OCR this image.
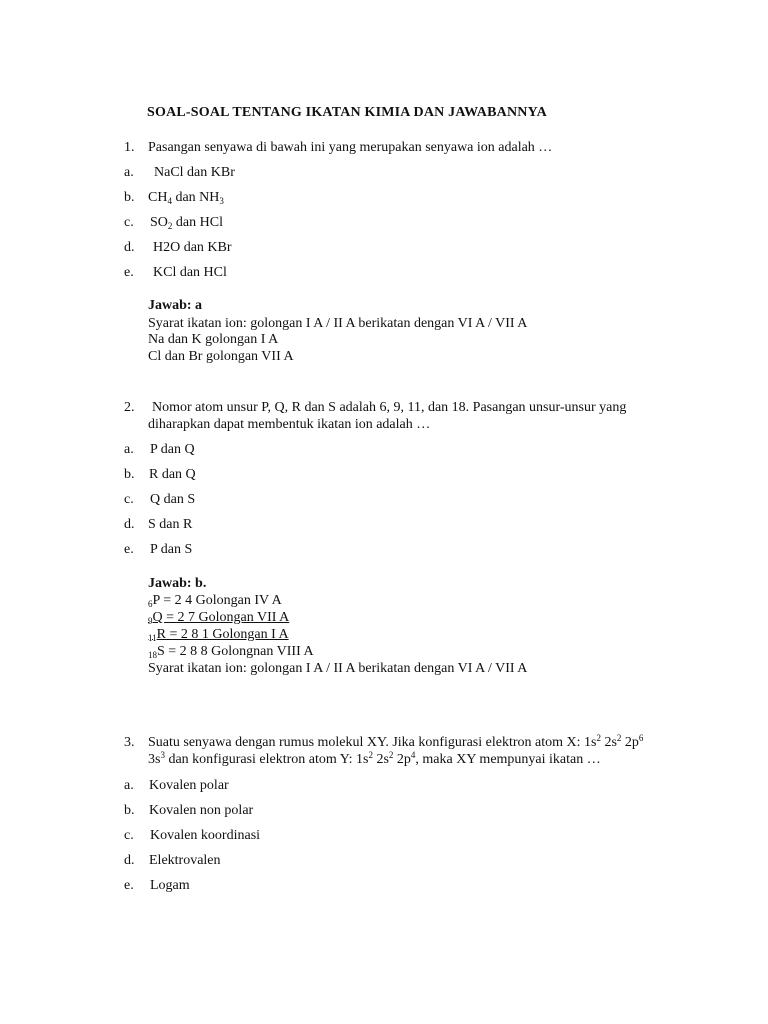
SOAL-SOAL TENTANG IKATAN KIMIA DAN JAWABANNYA
1. Pasangan senyawa di bawah ini yang merupakan senyawa ion adalah …
a. NaCl dan KBr
b. $CH_4$ dan $NH_3$
c. $SO_2$ dan HCl
d. H2O dan KBr
e. KCl dan HCl
Jawab: a
Syarat ikatan ion: golongan I A / II A berikatan dengan VI A / VII A
Na dan K golongan I A
Cl dan Br golongan VII A
2. Nomor atom unsur P, Q, R dan S adalah 6, 9, 11, dan 18. Pasangan unsur-unsur yang
diharapkan dapat membentuk ikatan ion adalah …
a. P dan Q
b. R dan Q
c. Q dan S
d. S dan R
e. P dan S
Jawab: b.
$_6$P = 2 4 Golongan IV A
$_9$Q = 2 7 Golongan VII A
$_{11}$R = 2 8 1 Golongan I A
$_{18}$S = 2 8 8 Golongnan VIII A
Syarat ikatan ion: golongan I A / II A berikatan dengan VI A / VII A
3. Suatu senyawa dengan rumus molekul XY. Jika konfigurasi elektron atom X: $1s^2$ $2s^2$ $2p^6$
$3s^3$ dan konfigurasi elektron atom Y: $1s^2$ $2s^2$ $2p^4$, maka XY mempunyai ikatan …
a. Kovalen polar
b. Kovalen non polar
c. Kovalen koordinasi
d. Elektrovalen
e. Logam
